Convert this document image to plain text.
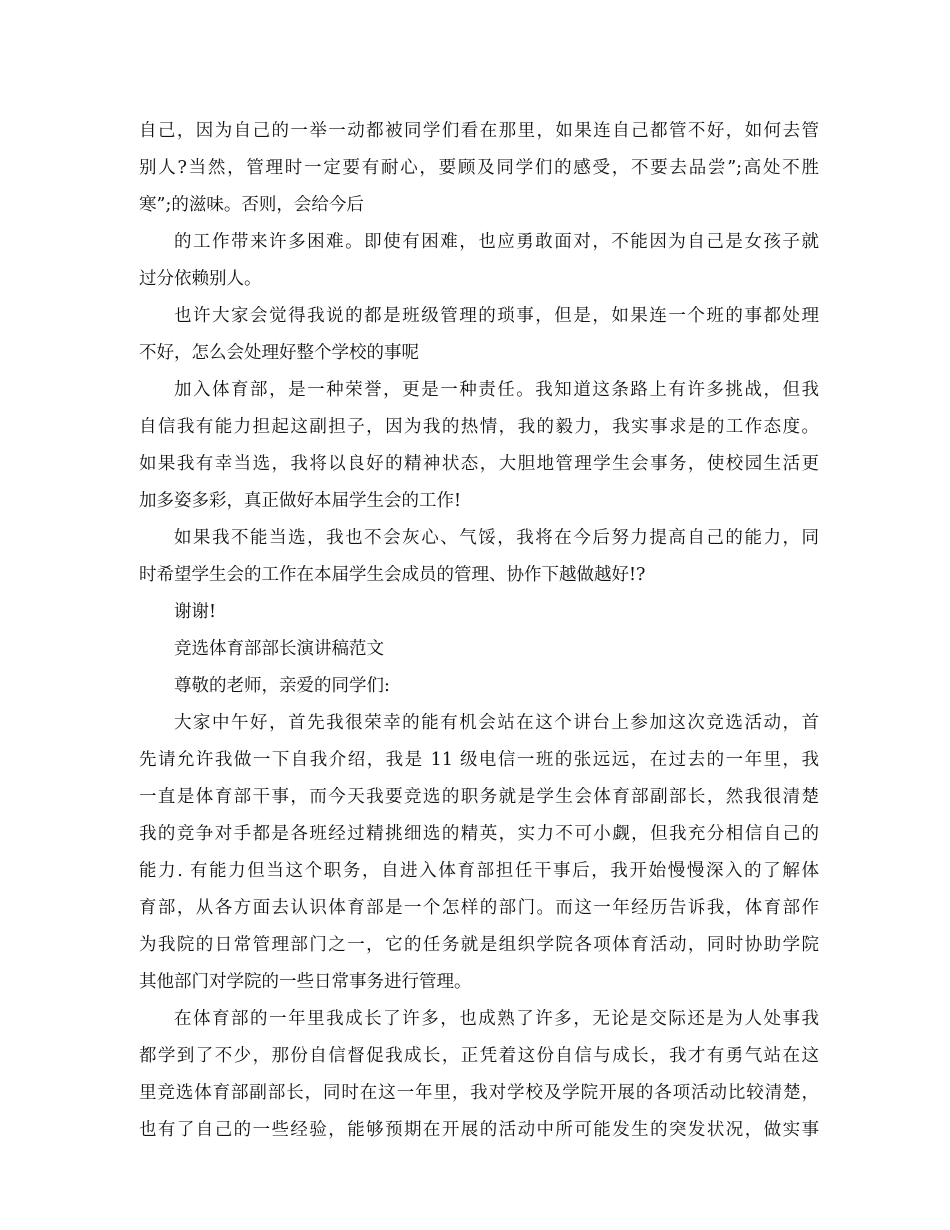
自己，因为自己的一举一动都被同学们看在那里，如果连自己都管不好，如何去管
别人?当然，管理时一定要有耐心，要顾及同学们的感受，不要去品尝”;高处不胜
寒”;的滋味。否则，会给今后
的工作带来许多困难。即使有困难，也应勇敢面对，不能因为自己是女孩子就
过分依赖别人。
也许大家会觉得我说的都是班级管理的琐事，但是，如果连一个班的事都处理
不好，怎么会处理好整个学校的事呢
加入体育部，是一种荣誉，更是一种责任。我知道这条路上有许多挑战，但我
自信我有能力担起这副担子，因为我的热情，我的毅力，我实事求是的工作态度。
如果我有幸当选，我将以良好的精神状态，大胆地管理学生会事务，使校园生活更
加多姿多彩，真正做好本届学生会的工作!
如果我不能当选，我也不会灰心、气馁，我将在今后努力提高自己的能力，同
时希望学生会的工作在本届学生会成员的管理、协作下越做越好!?
谢谢!
竞选体育部部长演讲稿范文
尊敬的老师，亲爱的同学们:
大家中午好，首先我很荣幸的能有机会站在这个讲台上参加这次竞选活动，首
先请允许我做一下自我介绍，我是 11 级电信一班的张远远，在过去的一年里，我
一直是体育部干事，而今天我要竞选的职务就是学生会体育部副部长，然我很清楚
我的竞争对手都是各班经过精挑细选的精英，实力不可小觑，但我充分相信自己的
能力. 有能力但当这个职务，自进入体育部担任干事后，我开始慢慢深入的了解体
育部，从各方面去认识体育部是一个怎样的部门。而这一年经历告诉我，体育部作
为我院的日常管理部门之一，它的任务就是组织学院各项体育活动，同时协助学院
其他部门对学院的一些日常事务进行管理。
在体育部的一年里我成长了许多，也成熟了许多，无论是交际还是为人处事我
都学到了不少，那份自信督促我成长，正凭着这份自信与成长，我才有勇气站在这
里竞选体育部副部长，同时在这一年里，我对学校及学院开展的各项活动比较清楚，
也有了自己的一些经验，能够预期在开展的活动中所可能发生的突发状况，做实事
